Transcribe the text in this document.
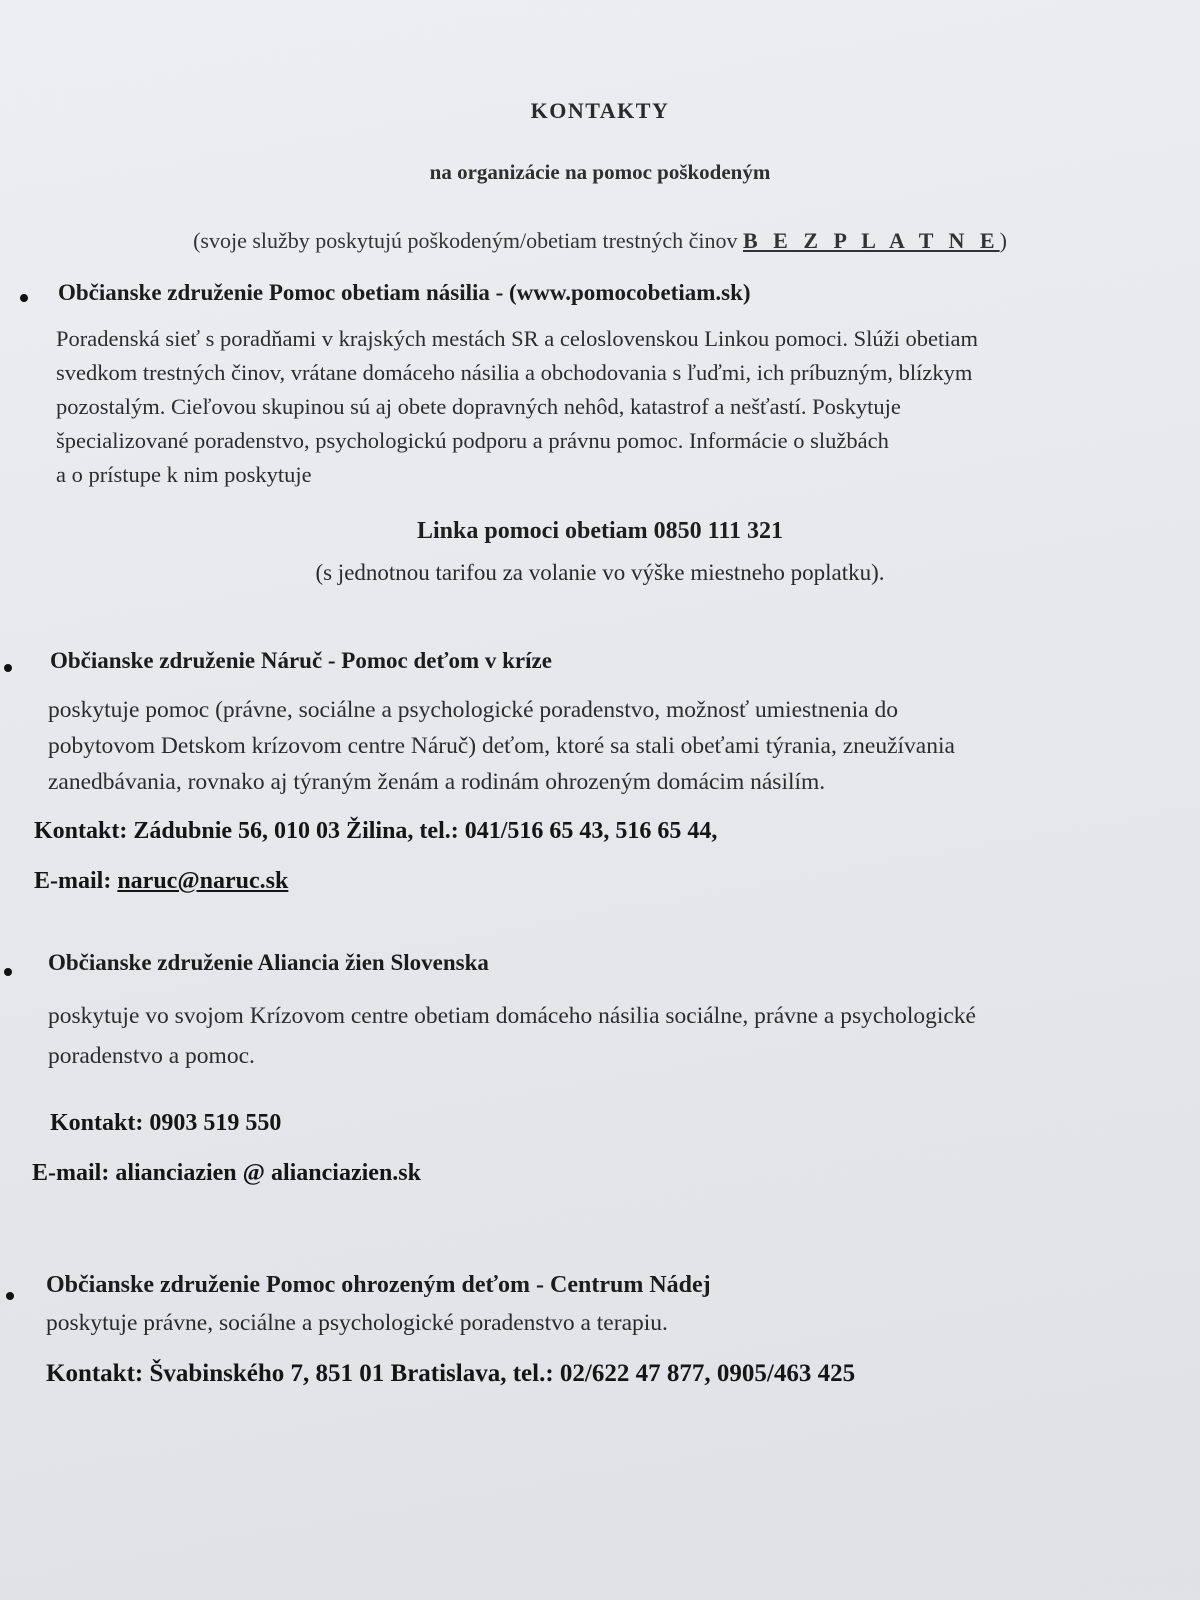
KONTAKTY
na organizácie na pomoc poškodeným
(svoje služby poskytujú poškodeným/obetiam trestných činov B E Z P L A T N E)
Občianske združenie Pomoc obetiam násilia - (www.pomocobetiam.sk)
Poradenská sieť s poradňami v krajských mestách SR a celoslovenskou Linkou pomoci. Slúži obetiam
svedkom trestných činov, vrátane domáceho násilia a obchodovania s ľuďmi, ich príbuzným, blízkym
pozostalým. Cieľovou skupinou sú aj obete dopravných nehôd, katastrof a nešťastí. Poskytuje
špecializované poradenstvo, psychologickú podporu a právnu pomoc. Informácie o službách
a o prístupe k nim poskytuje
Linka pomoci obetiam 0850 111 321
(s jednotnou tarifou za volanie vo výške miestneho poplatku).
Občianske združenie Náruč - Pomoc deťom v kríze
poskytuje pomoc (právne, sociálne a psychologické poradenstvo, možnosť umiestnenia do
pobytovom Detskom krízovom centre Náruč) deťom, ktoré sa stali obeťami týrania, zneužívania
zanedbávania, rovnako aj týraným ženám a rodinám ohrozeným domácim násilím.
Kontakt: Zádubnie 56, 010 03 Žilina, tel.: 041/516 65 43, 516 65 44,
E-mail: naruc@naruc.sk
Občianske združenie Aliancia žien Slovenska
poskytuje vo svojom Krízovom centre obetiam domáceho násilia sociálne, právne a psychologické
poradenstvo a pomoc.
Kontakt: 0903 519 550
E-mail: alianciazien @ alianciazien.sk
Občianske združenie Pomoc ohrozeným deťom - Centrum Nádej
poskytuje právne, sociálne a psychologické poradenstvo a terapiu.
Kontakt: Švabinského 7, 851 01 Bratislava, tel.: 02/622 47 877, 0905/463 425
